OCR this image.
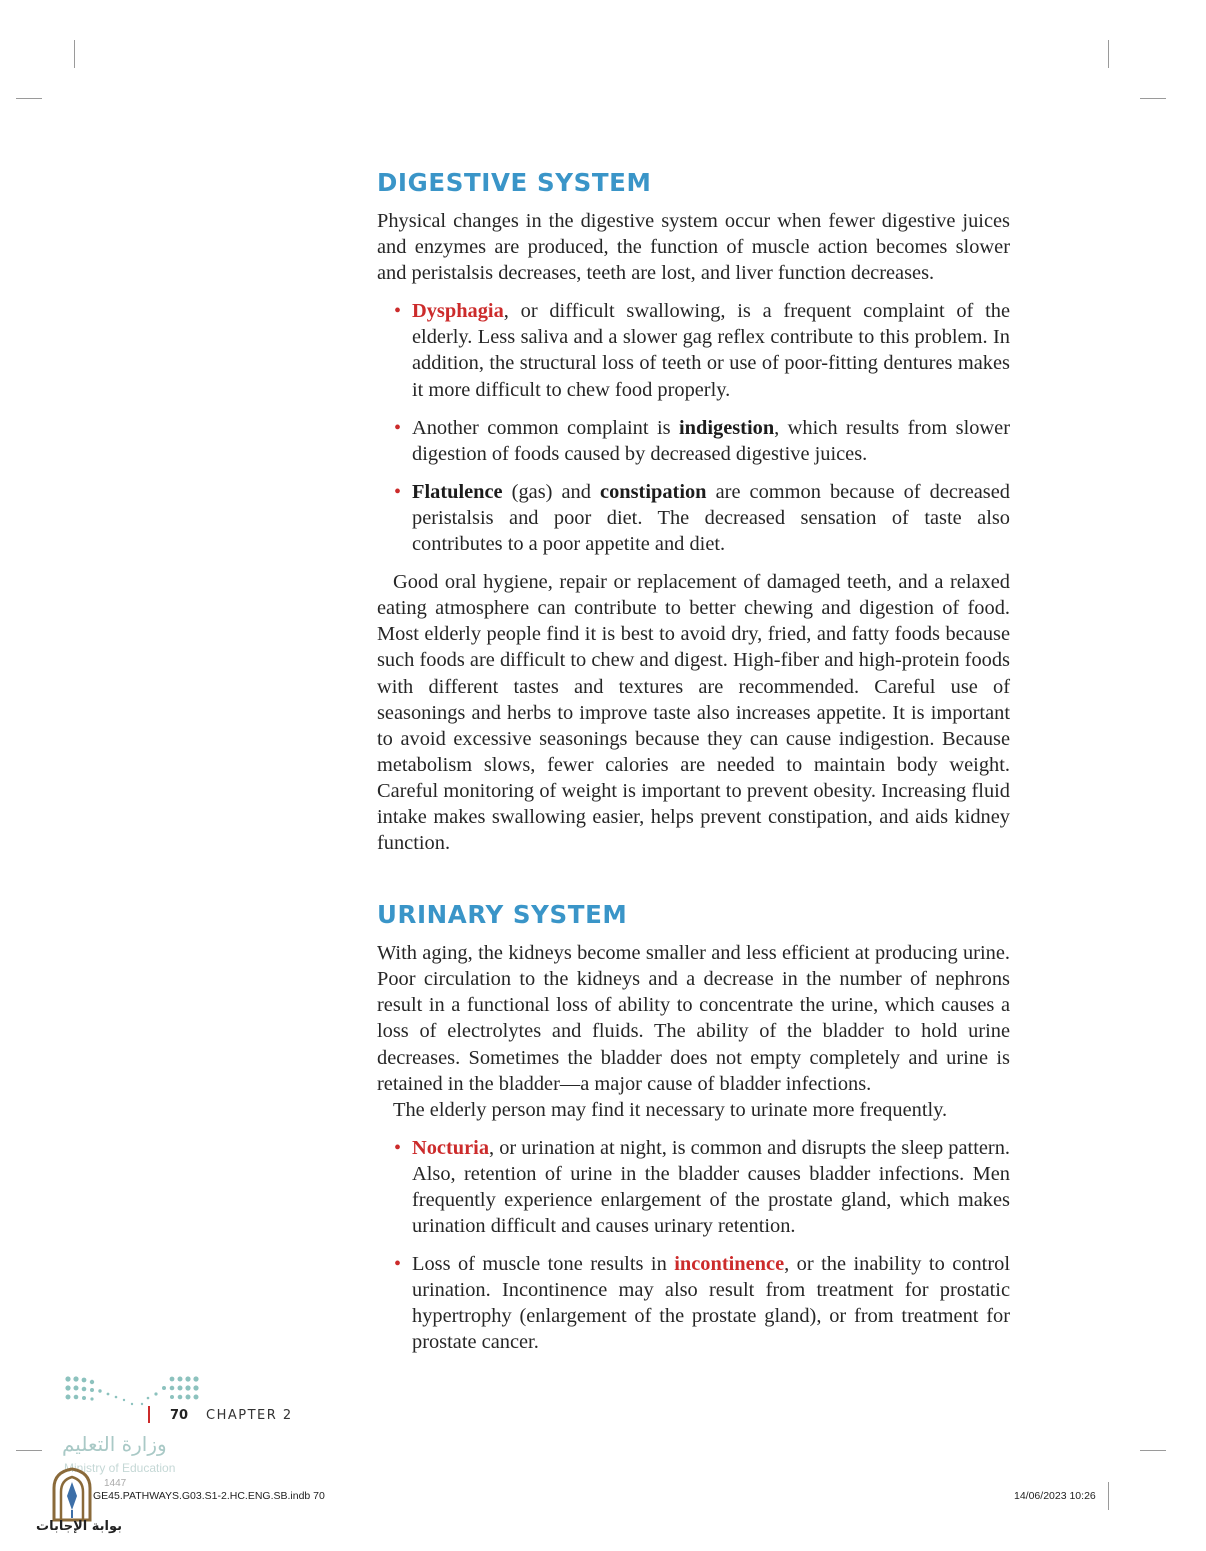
DIGESTIVE SYSTEM

Physical changes in the digestive system occur when fewer digestive juices and enzymes are produced, the function of muscle action becomes slower and peristalsis decreases, teeth are lost, and liver function decreases.

• Dysphagia, or difficult swallowing, is a frequent complaint of the elderly. Less saliva and a slower gag reflex contribute to this problem. In addition, the structural loss of teeth or use of poor-fitting dentures makes it more difficult to chew food properly.
• Another common complaint is indigestion, which results from slower digestion of foods caused by decreased digestive juices.
• Flatulence (gas) and constipation are common because of decreased peristalsis and poor diet. The decreased sensation of taste also contributes to a poor appetite and diet.

Good oral hygiene, repair or replacement of damaged teeth, and a relaxed eating atmosphere can contribute to better chewing and digestion of food. Most elderly people find it is best to avoid dry, fried, and fatty foods because such foods are difficult to chew and digest. High-fiber and high-protein foods with different tastes and textures are recommended. Careful use of seasonings and herbs to improve taste also increases appetite. It is important to avoid excessive seasonings because they can cause indigestion. Because metabolism slows, fewer calories are needed to maintain body weight. Careful monitoring of weight is important to prevent obesity. Increasing fluid intake makes swallowing easier, helps prevent constipation, and aids kidney function.

URINARY SYSTEM

With aging, the kidneys become smaller and less efficient at producing urine. Poor circulation to the kidneys and a decrease in the number of nephrons result in a functional loss of ability to concentrate the urine, which causes a loss of electrolytes and fluids. The ability of the bladder to hold urine decreases. Sometimes the bladder does not empty completely and urine is retained in the bladder—a major cause of bladder infections.

The elderly person may find it necessary to urinate more frequently.

• Nocturia, or urination at night, is common and disrupts the sleep pattern. Also, retention of urine in the bladder causes bladder infections. Men frequently experience enlargement of the prostate gland, which makes urination difficult and causes urinary retention.
• Loss of muscle tone results in incontinence, or the inability to control urination. Incontinence may also result from treatment for prostatic hypertrophy (enlargement of the prostate gland), or from treatment for prostate cancer.
70 CHAPTER 2
وزارة التعليم
Ministry of Education
1447
GE45.PATHWAYS.G03.S1-2.HC.ENG.SB.indb 70	14/06/2023 10:26
بوابة الإجابات
